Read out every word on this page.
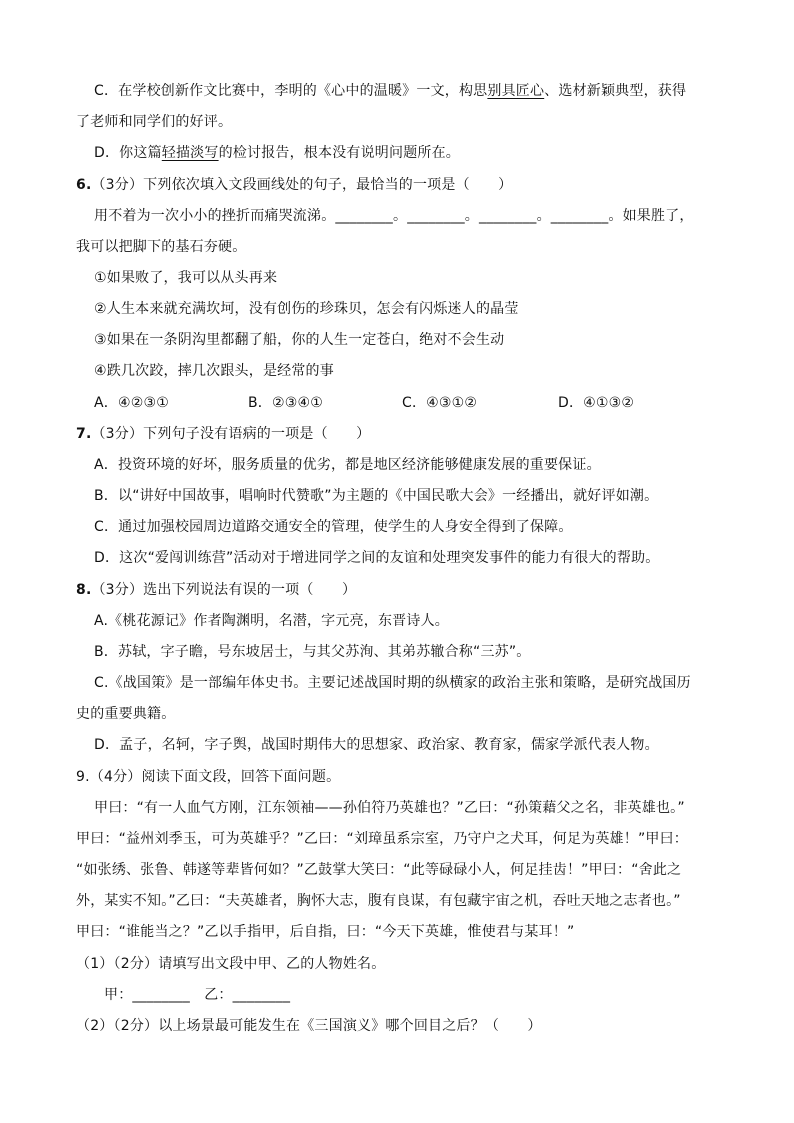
C．在学校创新作文比赛中，李明的《心中的温暖》一文，构思别具匠心、选材新颖典型，获得
了老师和同学们的好评。
D．你这篇轻描淡写的检讨报告，根本没有说明问题所在。
6.（3分）下列依次填入文段画线处的句子，最恰当的一项是（　　）
用不着为一次小小的挫折而痛哭流涕。________。________。________。________。如果胜了，
我可以把脚下的基石夯硬。
①如果败了，我可以从头再来
②人生本来就充满坎坷，没有创伤的珍珠贝，怎会有闪烁迷人的晶莹
③如果在一条阴沟里都翻了船，你的人生一定苍白，绝对不会生动
④跌几次跤，摔几次跟头，是经常的事
A．④②③①	B．②③④①	C．④③①②	D．④①③②
7.（3分）下列句子没有语病的一项是（　　）
A．投资环境的好坏，服务质量的优劣，都是地区经济能够健康发展的重要保证。
B．以“讲好中国故事，唱响时代赞歌”为主题的《中国民歌大会》一经播出，就好评如潮。
C．通过加强校园周边道路交通安全的管理，使学生的人身安全得到了保障。
D．这次“爱闯训练营”活动对于增进同学之间的友谊和处理突发事件的能力有很大的帮助。
8.（3分）选出下列说法有误的一项（　　）
A.《桃花源记》作者陶渊明，名潜，字元亮，东晋诗人。
B．苏轼，字子瞻，号东坡居士，与其父苏洵、其弟苏辙合称“三苏”。
C.《战国策》是一部编年体史书。主要记述战国时期的纵横家的政治主张和策略，是研究战国历
史的重要典籍。
D．孟子，名轲，字子舆，战国时期伟大的思想家、政治家、教育家，儒家学派代表人物。
9.（4分）阅读下面文段，回答下面问题。
甲曰：“有一人血气方刚，江东领袖——孙伯符乃英雄也？”乙曰：“孙策藉父之名，非英雄也。”
甲曰：“益州刘季玉，可为英雄乎？”乙曰：“刘璋虽系宗室，乃守户之犬耳，何足为英雄！”甲曰：
“如张绣、张鲁、韩遂等辈皆何如？”乙鼓掌大笑曰：“此等碌碌小人，何足挂齿！”甲曰：“舍此之
外，某实不知。”乙曰：“夫英雄者，胸怀大志，腹有良谋，有包藏宇宙之机，吞吐天地之志者也。”
甲曰：“谁能当之？”乙以手指甲，后自指，曰：“今天下英雄，惟使君与某耳！”
（1）（2分）请填写出文段中甲、乙的人物姓名。
甲：________　乙：________
（2）（2分）以上场景最可能发生在《三国演义》哪个回目之后？（　　）
